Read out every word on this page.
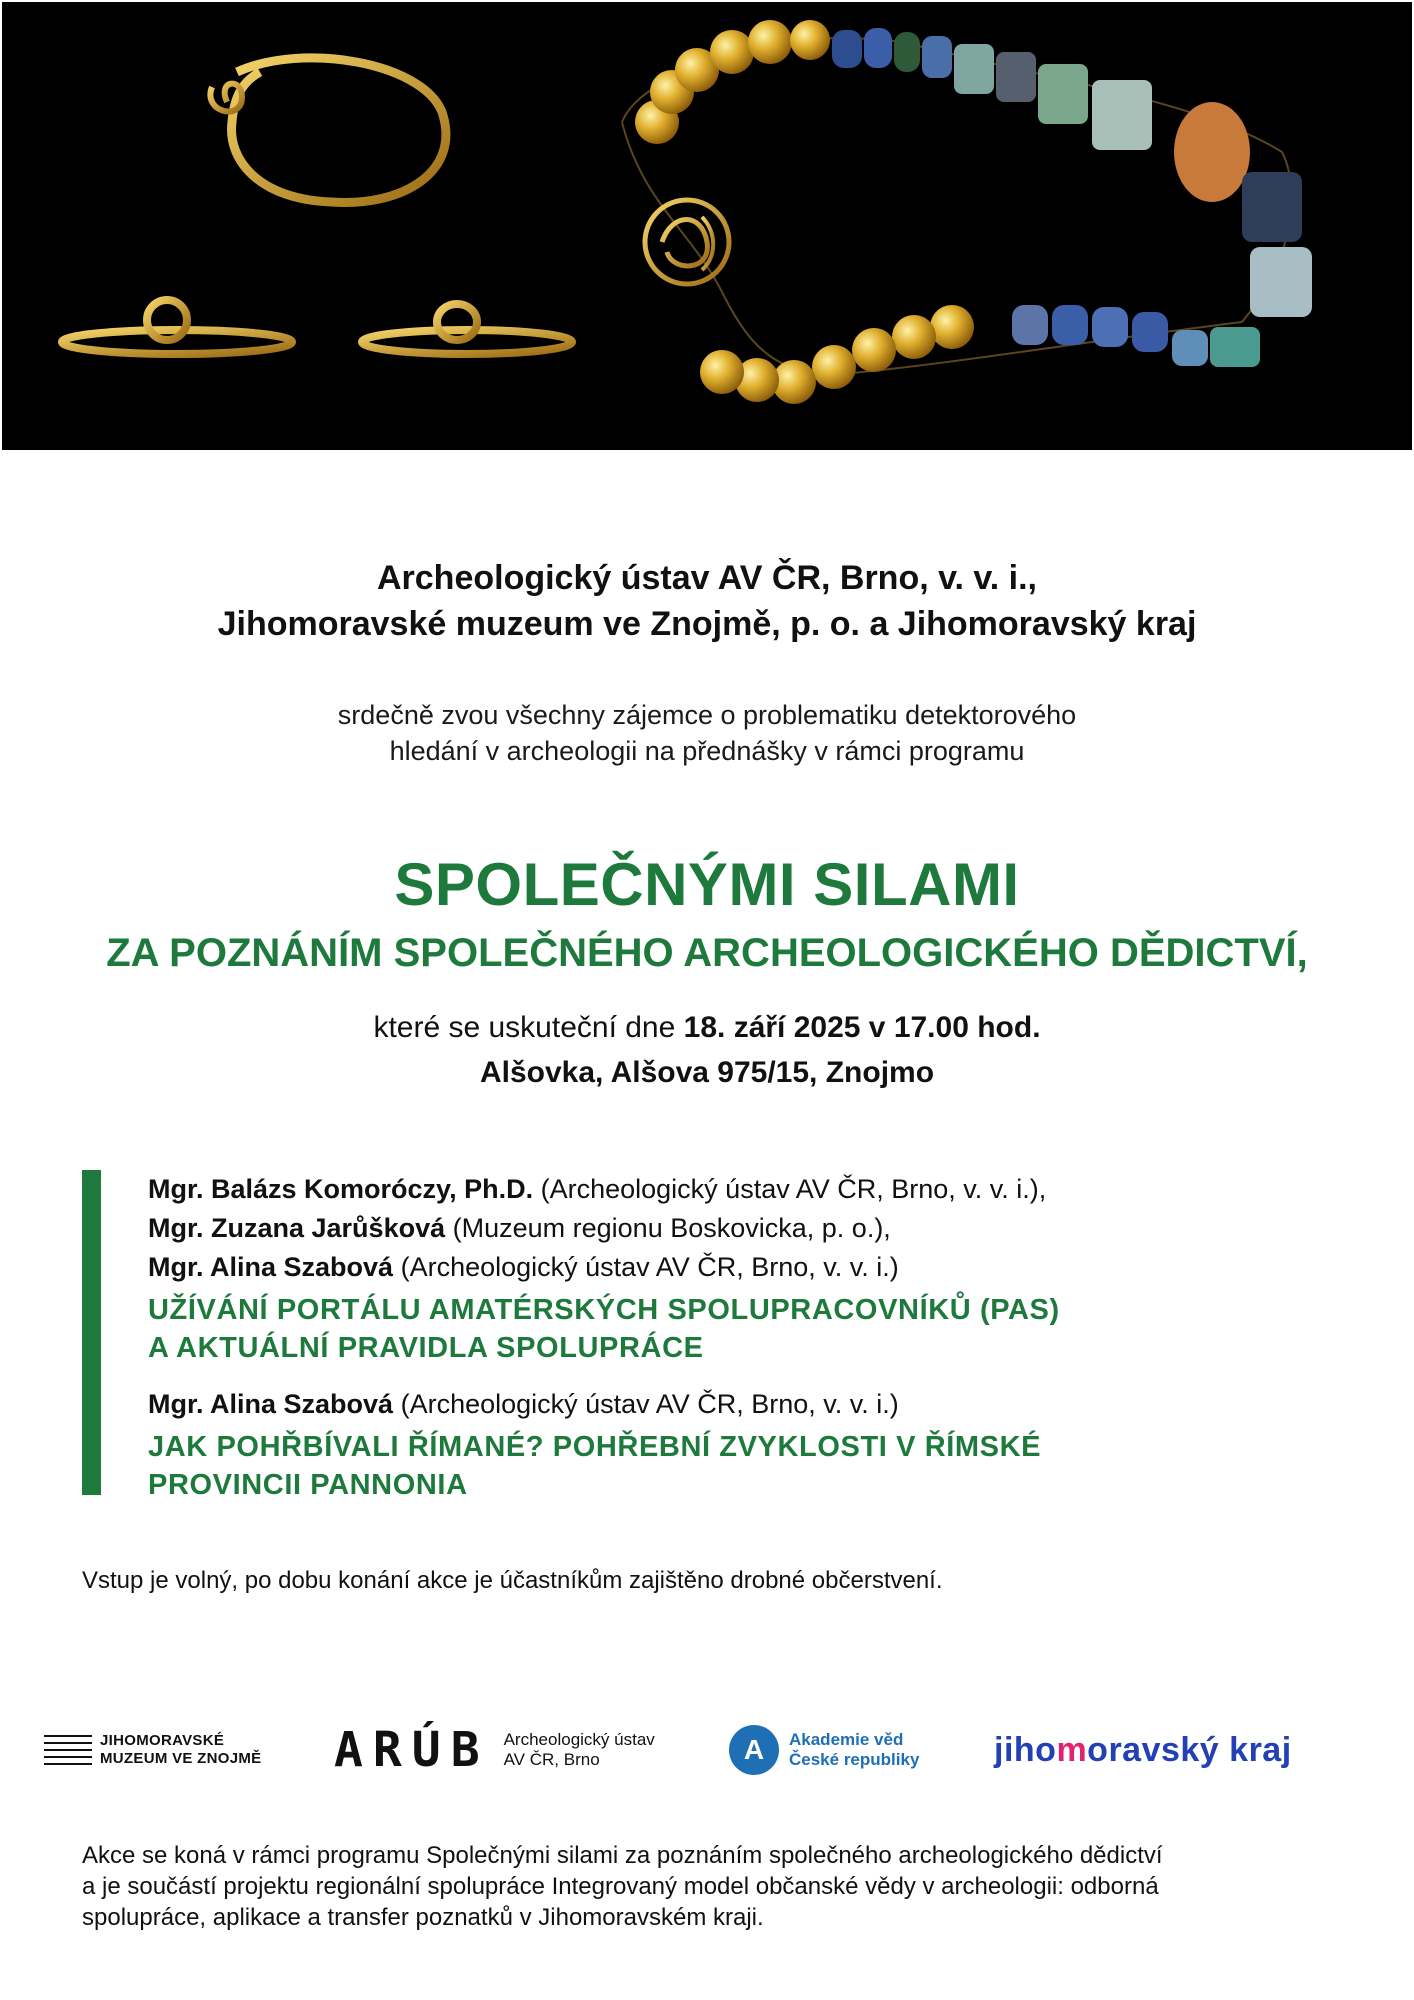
Archeologický ústav AV ČR, Brno, v. v. i.,
Jihomoravské muzeum ve Znojmě, p. o. a Jihomoravský kraj
srdečně zvou všechny zájemce o problematiku detektorového
hledání v archeologii na přednášky v rámci programu
SPOLEČNÝMI SILAMI
ZA POZNÁNÍM SPOLEČNÉHO ARCHEOLOGICKÉHO DĚDICTVÍ,
které se uskuteční dne 18. září 2025 v 17.00 hod.
Alšovka, Alšova 975/15, Znojmo
Mgr. Balázs Komoróczy, Ph.D. (Archeologický ústav AV ČR, Brno, v. v. i.),
Mgr. Zuzana Jarůšková (Muzeum regionu Boskovicka, p. o.),
Mgr. Alina Szabová (Archeologický ústav AV ČR, Brno, v. v. i.)
UŽÍVÁNÍ PORTÁLU AMATÉRSKÝCH SPOLUPRACOVNÍKŮ (PAS)
A AKTUÁLNÍ PRAVIDLA SPOLUPRÁCE
Mgr. Alina Szabová (Archeologický ústav AV ČR, Brno, v. v. i.)
JAK POHŘBÍVALI ŘÍMANÉ? POHŘEBNÍ ZVYKLOSTI V ŘÍMSKÉ
PROVINCII PANNONIA
Vstup je volný, po dobu konání akce je účastníkům zajištěno drobné občerstvení.
JIHOMORAVSKÉ
MUZEUM VE ZNOJMĚ ARÚB Archeologický ústav
AV ČR, Brno	A	Akademie věd
České republiky jiho m oravský kraj
Akce se koná v rámci programu Společnými silami za poznáním společného archeologického dědictví
a je součástí projektu regionální spolupráce Integrovaný model občanské vědy v archeologii: odborná
spolupráce, aplikace a transfer poznatků v Jihomoravském kraji.
